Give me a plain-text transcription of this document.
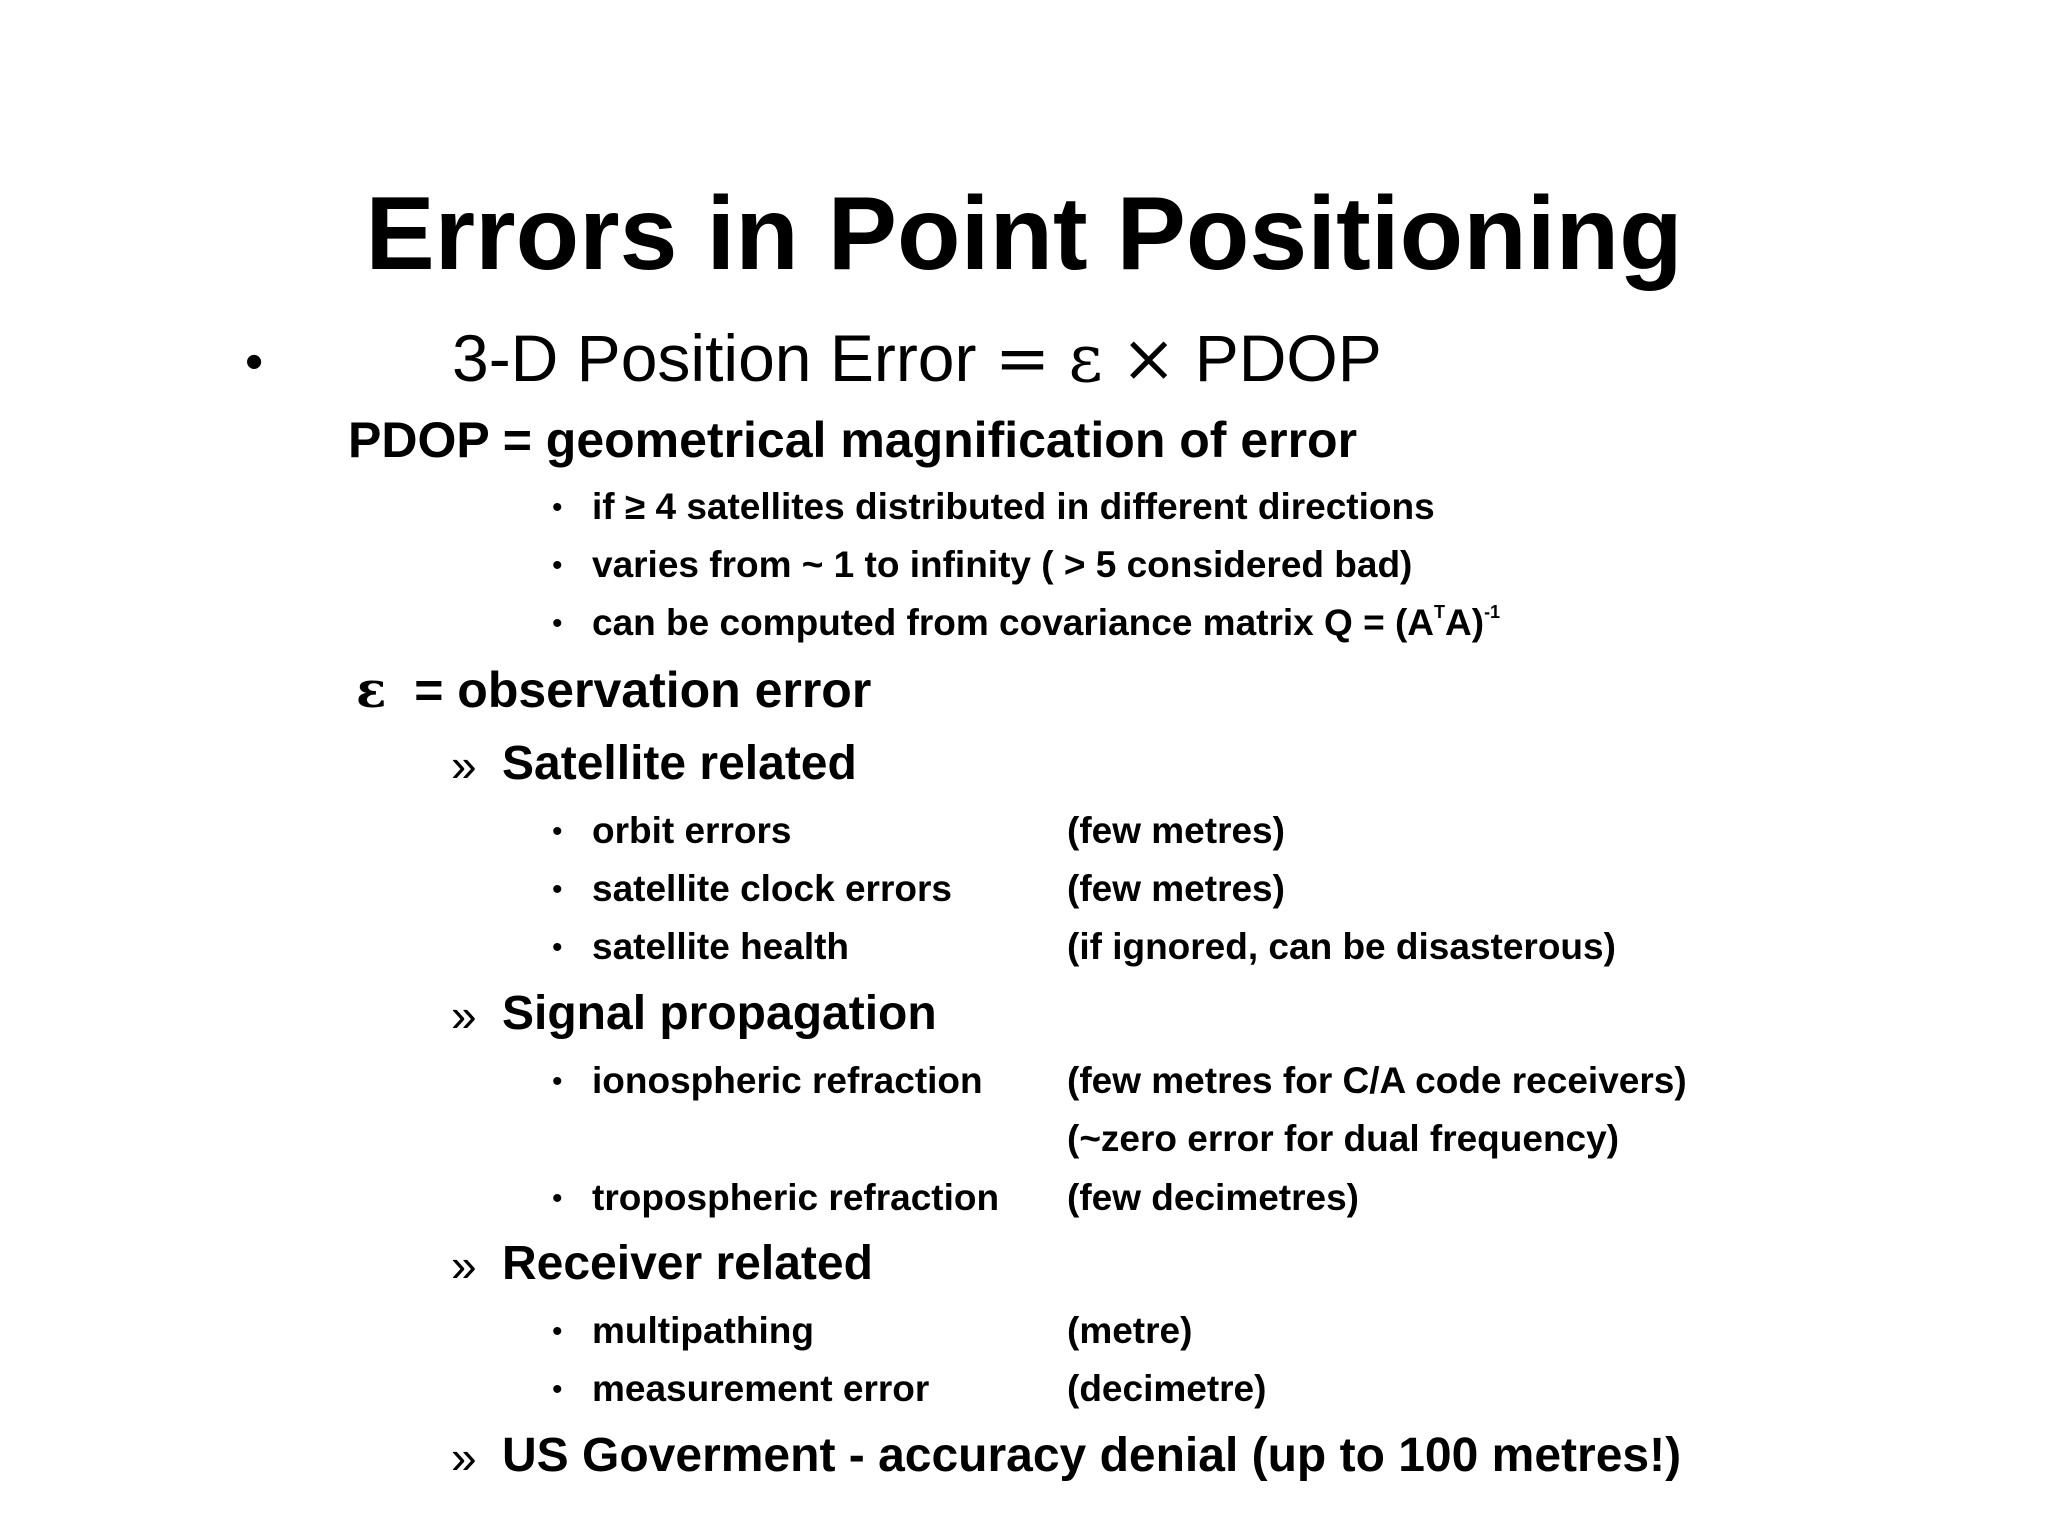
Errors in Point Positioning
•	3-D Position Error = ε × PDOP
PDOP = geometrical magnification of error
• if ≥ 4 satellites distributed in different directions
• varies from ~ 1 to infinity ( > 5 considered bad)
• can be computed from covariance matrix $Q = (A^TA)^{-1}$
ε = observation error
» Satellite related
• orbit errors	(few metres)
• satellite clock errors	(few metres)
• satellite health	(if ignored, can be disasterous)
» Signal propagation
• ionospheric refraction (few metres for C/A code receivers)
(~zero error for dual frequency)
• tropospheric refraction (few decimetres)
» Receiver related
• multipathing	(metre)
• measurement error	(decimetre)
» US Goverment - accuracy denial (up to 100 metres!)
